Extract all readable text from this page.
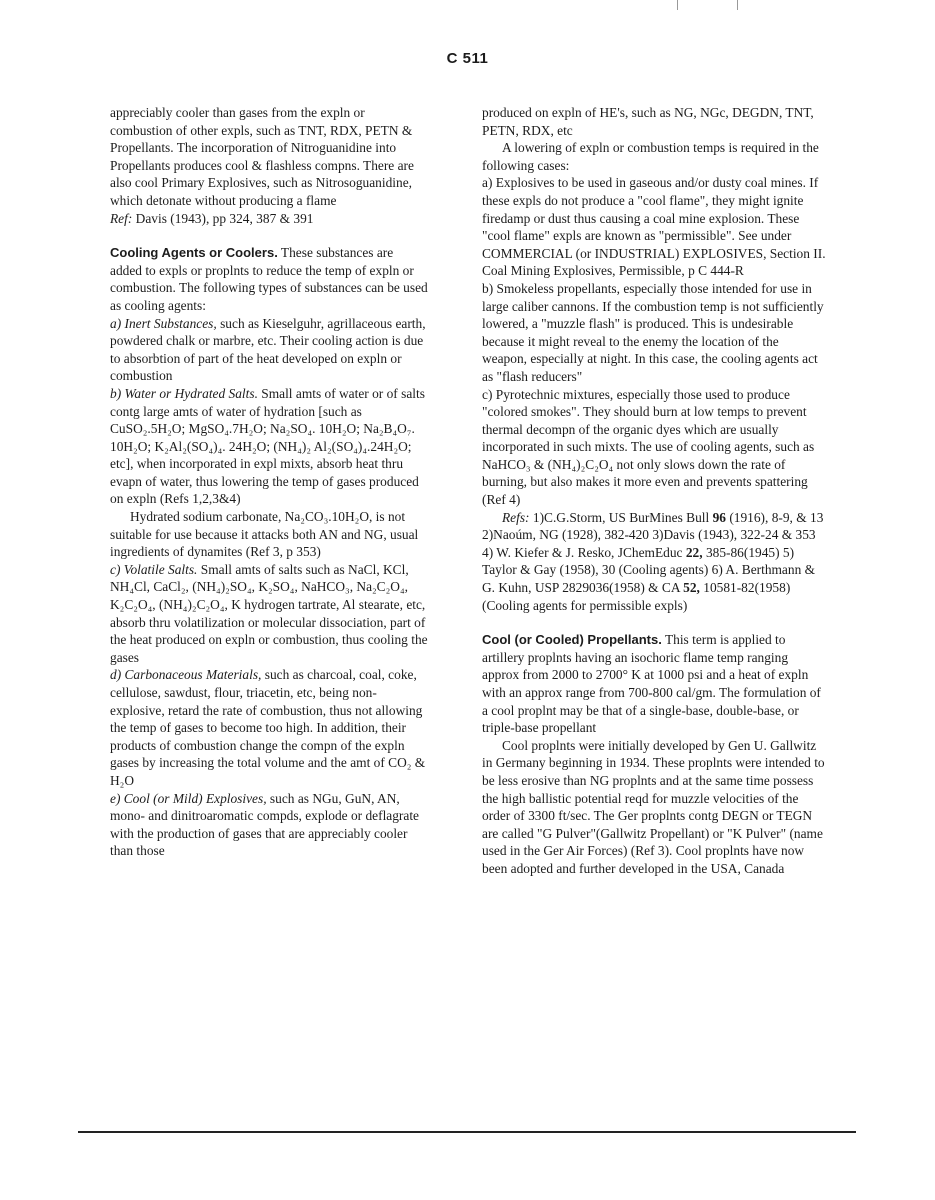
C 511

appreciably cooler than gases from the expln or combustion of other expls, such as TNT, RDX, PETN & Propellants. The incorporation of Nitroguanidine into Propellants produces cool & flashless compns. There are also cool Primary Explosives, such as Nitrosoguanidine, which detonate without producing a flame

Ref: Davis (1943), pp 324, 387 & 391

Cooling Agents or Coolers. These substances are added to expls or proplnts to reduce the temp of expln or combustion. The following types of substances can be used as cooling agents:

a) Inert Substances, such as Kieselguhr, agrillaceous earth, powdered chalk or marbre, etc. Their cooling action is due to absorbtion of part of the heat developed on expln or combustion

b) Water or Hydrated Salts. Small amts of water or of salts contg large amts of water of hydration [such as CuSO₂.5H₂O; MgSO₄.7H₂O; Na₂SO₄. 10H₂O; Na₂B₄O₇. 10H₂O; K₂Al₂(SO₄)₄. 24H₂O; (NH₄)₂ Al₂(SO₄)₄.24H₂O; etc], when incorporated in expl mixts, absorb heat thru evapn of water, thus lowering the temp of gases produced on expln (Refs 1,2,3&4)

Hydrated sodium carbonate, Na₂CO₃.10H₂O, is not suitable for use because it attacks both AN and NG, usual ingredients of dynamites (Ref 3, p 353)

c) Volatile Salts. Small amts of salts such as NaCl, KCl, NH₄Cl, CaCl₂, (NH₄)₂SO₄, K₂SO₄, NaHCO₃, Na₂C₂O₄, K₂C₂O₄, (NH₄)₂C₂O₄, K hydrogen tartrate, Al stearate, etc, absorb thru volatilization or molecular dissociation, part of the heat produced on expln or combustion, thus cooling the gases

d) Carbonaceous Materials, such as charcoal, coal, coke, cellulose, sawdust, flour, triacetin, etc, being non-explosive, retard the rate of combustion, thus not allowing the temp of gases to become too high. In addition, their products of combustion change the compn of the expln gases by increasing the total volume and the amt of CO₂ & H₂O

e) Cool (or Mild) Explosives, such as NGu, GuN, AN, mono- and dinitroaromatic compds, explode or deflagrate with the production of gases that are appreciably cooler than those

produced on expln of HE's, such as NG, NGc, DEGDN, TNT, PETN, RDX, etc

A lowering of expln or combustion temps is required in the following cases:

a) Explosives to be used in gaseous and/or dusty coal mines. If these expls do not produce a "cool flame", they might ignite firedamp or dust thus causing a coal mine explosion. These "cool flame" expls are known as "permissible". See under COMMERCIAL (or INDUSTRIAL) EXPLOSIVES, Section II. Coal Mining Explosives, Permissible, p C 444-R

b) Smokeless propellants, especially those intended for use in large caliber cannons. If the combustion temp is not sufficiently lowered, a "muzzle flash" is produced. This is undesirable because it might reveal to the enemy the location of the weapon, especially at night. In this case, the cooling agents act as "flash reducers"

c) Pyrotechnic mixtures, especially those used to produce "colored smokes". They should burn at low temps to prevent thermal decompn of the organic dyes which are usually incorporated in such mixts. The use of cooling agents, such as NaHCO₃ & (NH₄)₂C₂O₄ not only slows down the rate of burning, but also makes it more even and prevents spattering (Ref 4)

Refs: 1)C.G.Storm, US BurMines Bull 96 (1916), 8-9, & 13 2)Naoúm, NG (1928), 382-420 3)Davis (1943), 322-24 & 353 4) W. Kiefer & J. Resko, JChemEduc 22, 385-86(1945) 5) Taylor & Gay (1958), 30 (Cooling agents) 6) A. Berthmann & G. Kuhn, USP 2829036(1958) & CA 52, 10581-82(1958) (Cooling agents for permissible expls)

Cool (or Cooled) Propellants. This term is applied to artillery proplnts having an isochoric flame temp ranging approx from 2000 to 2700° K at 1000 psi and a heat of expln with an approx range from 700-800 cal/gm. The formulation of a cool proplnt may be that of a single-base, double-base, or triple-base propellant

Cool proplnts were initially developed by Gen U. Gallwitz in Germany beginning in 1934. These proplnts were intended to be less erosive than NG proplnts and at the same time possess the high ballistic potential reqd for muzzle velocities of the order of 3300 ft/sec. The Ger proplnts contg DEGN or TEGN are called "G Pulver"(Gallwitz Propellant) or "K Pulver" (name used in the Ger Air Forces) (Ref 3). Cool proplnts have now been adopted and further developed in the USA, Canada
